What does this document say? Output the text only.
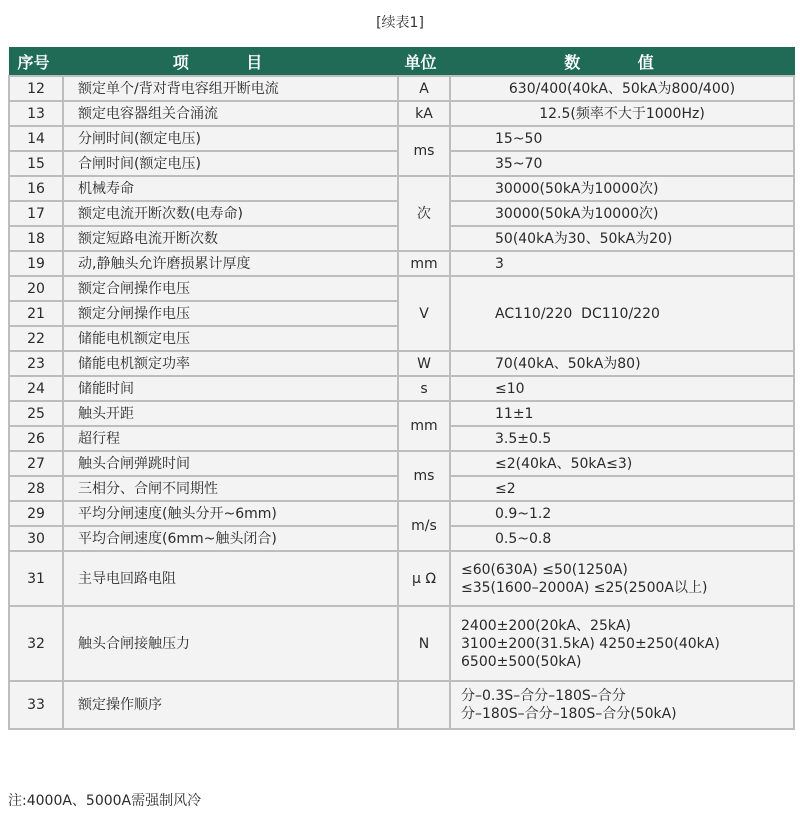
[续表1]
序号	项 目	单位	数 值
12	额定单个/背对背电容组开断电流	A	630/400(40kA、50kA为800/400)
13	额定电容器组关合涌流	kA	12.5(频率不大于1000Hz)
14	分闸时间(额定电压)	ms	15~50
15	合闸时间(额定电压)		35~70
16	机械寿命	次	30000(50kA为10000次)
17	额定电流开断次数(电寿命)		30000(50kA为10000次)
18	额定短路电流开断次数		50(40kA为30、50kA为20)
19	动,静触头允许磨损累计厚度	mm	3
20	额定合闸操作电压	V	AC110/220  DC110/220
21	额定分闸操作电压		
22	储能电机额定电压		
23	储能电机额定功率	W	70(40kA、50kA为80)
24	储能时间	s	≤10
25	触头开距	mm	11±1
26	超行程		3.5±0.5
27	触头合闸弹跳时间	ms	≤2(40kA、50kA≤3)
28	三相分、合闸不同期性		≤2
29	平均分闸速度(触头分开~6mm)	m/s	0.9~1.2
30	平均合闸速度(6mm~触头闭合)		0.5~0.8
31	主导电回路电阻	μ Ω	≤60(630A) ≤50(1250A)
≤35(1600–2000A) ≤25(2500A以上)

32	触头合闸接触压力	N	2400±200(20kA、25kA)
3100±200(31.5kA) 4250±250(40kA)
6500±500(50kA)

33	额定操作顺序		分–0.3S–合分–180S–合分
分–180S–合分–180S–合分(50kA)
注:4000A、5000A需强制风冷
